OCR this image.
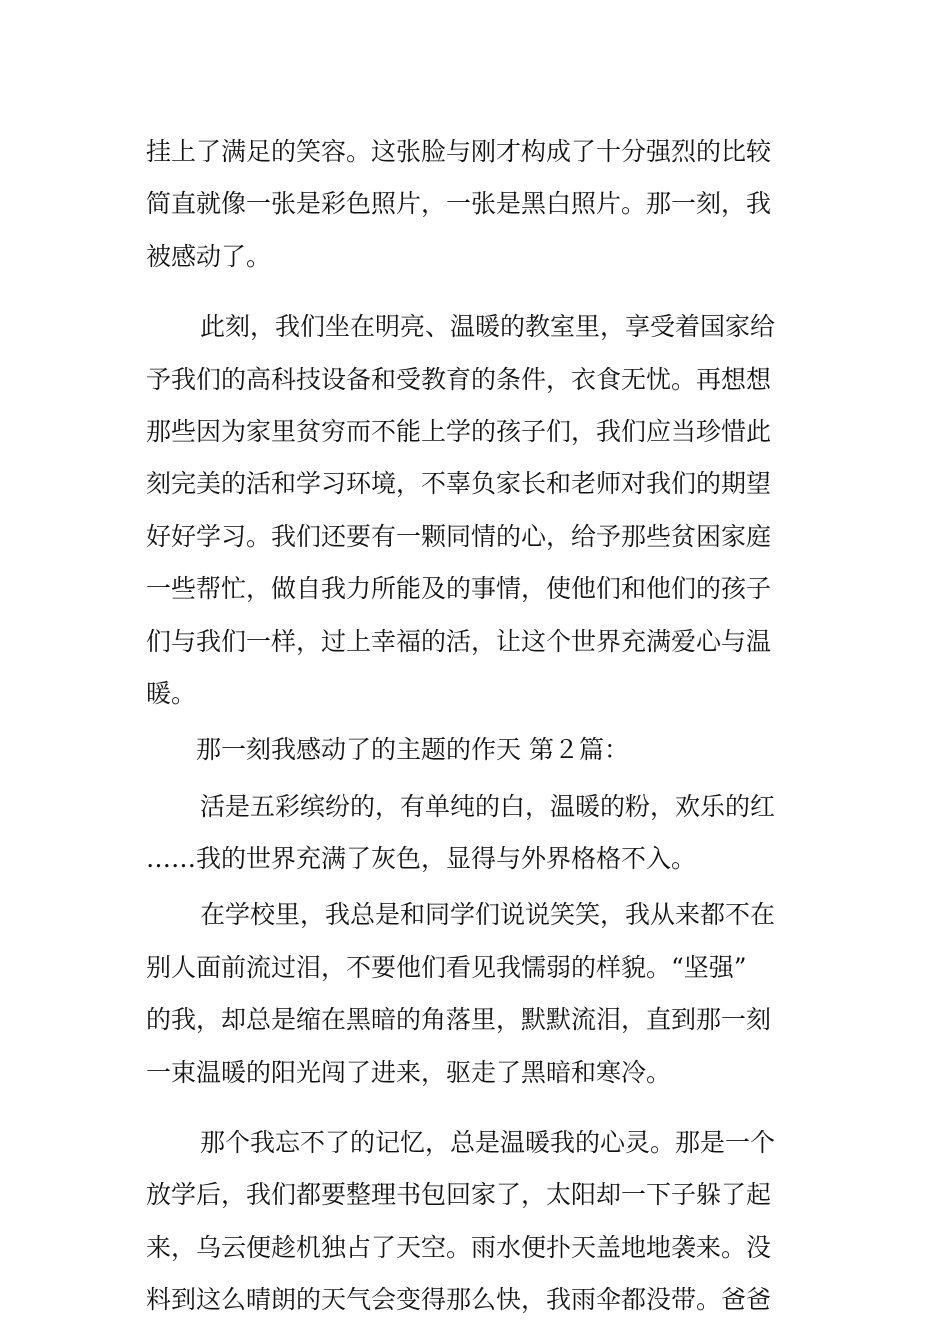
挂上了满足的笑容。这张脸与刚才构成了十分强烈的比较
简直就像一张是彩色照片，一张是黑白照片。那一刻，我
被感动了。
此刻，我们坐在明亮、温暖的教室里，享受着国家给
予我们的高科技设备和受教育的条件，衣食无忧。再想想
那些因为家里贫穷而不能上学的孩子们，我们应当珍惜此
刻完美的活和学习环境，不辜负家长和老师对我们的期望
好好学习。我们还要有一颗同情的心，给予那些贫困家庭
一些帮忙，做自我力所能及的事情，使他们和他们的孩子
们与我们一样，过上幸福的活，让这个世界充满爱心与温
暖。
那一刻我感动了的主题的作天 第２篇：
活是五彩缤纷的，有单纯的白，温暖的粉，欢乐的红
……我的世界充满了灰色，显得与外界格格不入。
在学校里，我总是和同学们说说笑笑，我从来都不在
别人面前流过泪，不要他们看见我懦弱的样貌。“坚强”
的我，却总是缩在黑暗的角落里，默默流泪，直到那一刻
一束温暖的阳光闯了进来，驱走了黑暗和寒冷。
那个我忘不了的记忆，总是温暖我的心灵。那是一个
放学后，我们都要整理书包回家了，太阳却一下子躲了起
来，乌云便趁机独占了天空。雨水便扑天盖地地袭来。没
料到这么晴朗的天气会变得那么快，我雨伞都没带。爸爸
